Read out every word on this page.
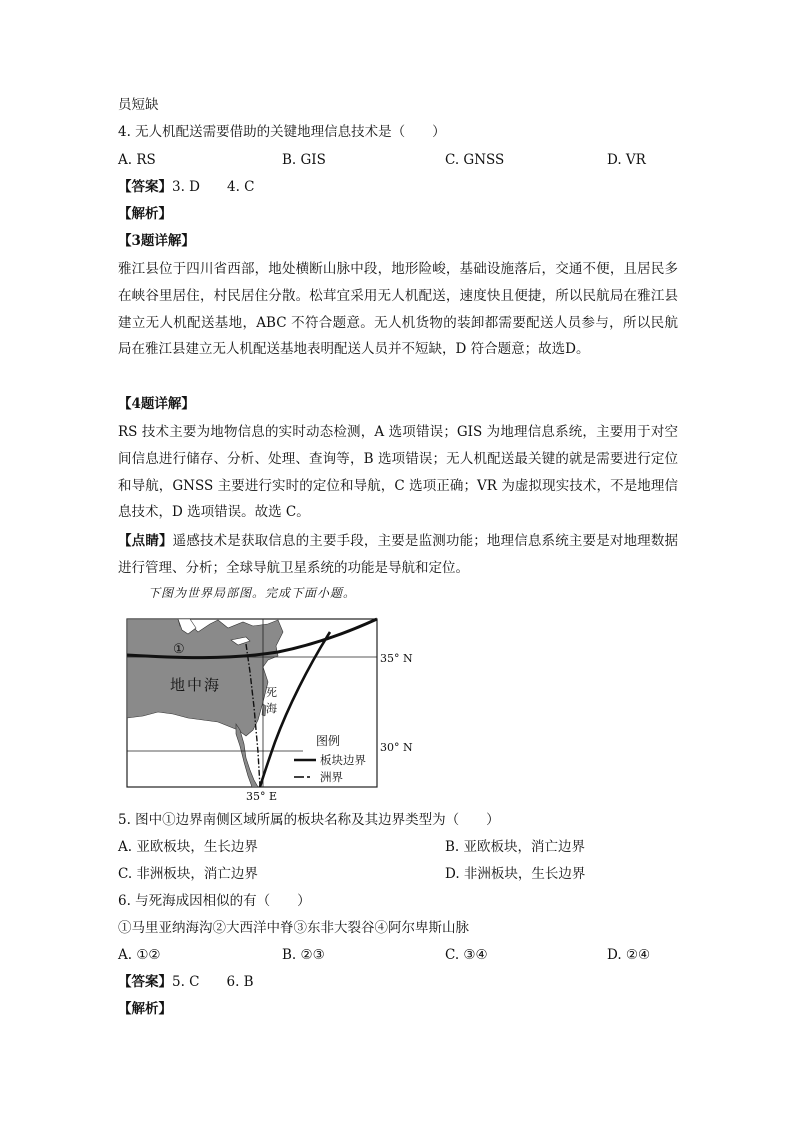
员短缺
4. 无人机配送需要借助的关键地理信息技术是（　　）
A. RS	B. GIS	C. GNSS	D. VR
【答案】3. D　　4. C
【解析】
【3题详解】
雅江县位于四川省西部，地处横断山脉中段，地形险峻，基础设施落后，交通不便，且居民多在峡谷里居住，村民居住分散。松茸宜采用无人机配送，速度快且便捷，所以民航局在雅江县建立无人机配送基地，ABC 不符合题意。无人机货物的装卸都需要配送人员参与，所以民航局在雅江县建立无人机配送基地表明配送人员并不短缺，D 符合题意；故选D。
【4题详解】
RS 技术主要为地物信息的实时动态检测，A 选项错误；GIS 为地理信息系统，主要用于对空间信息进行储存、分析、处理、查询等，B 选项错误；无人机配送最关键的就是需要进行定位和导航，GNSS 主要进行实时的定位和导航，C 选项正确；VR 为虚拟现实技术，不是地理信息技术，D 选项错误。故选 C。
【点睛】遥感技术是获取信息的主要手段，主要是监测功能；地理信息系统主要是对地理数据进行管理、分析；全球导航卫星系统的功能是导航和定位。
下图为世界局部图。完成下面小题。
①
地中海	死
海
图例
板块边界
洲界
35° N
30° N
35° E
5. 图中①边界南侧区域所属的板块名称及其边界类型为（　　）
A. 亚欧板块，生长边界	B. 亚欧板块，消亡边界
C. 非洲板块，消亡边界	D. 非洲板块，生长边界
6. 与死海成因相似的有（　　）
①马里亚纳海沟②大西洋中脊③东非大裂谷④阿尔卑斯山脉
A. ①②	B. ②③	C. ③④	D. ②④
【答案】5. C　　6. B
【解析】
